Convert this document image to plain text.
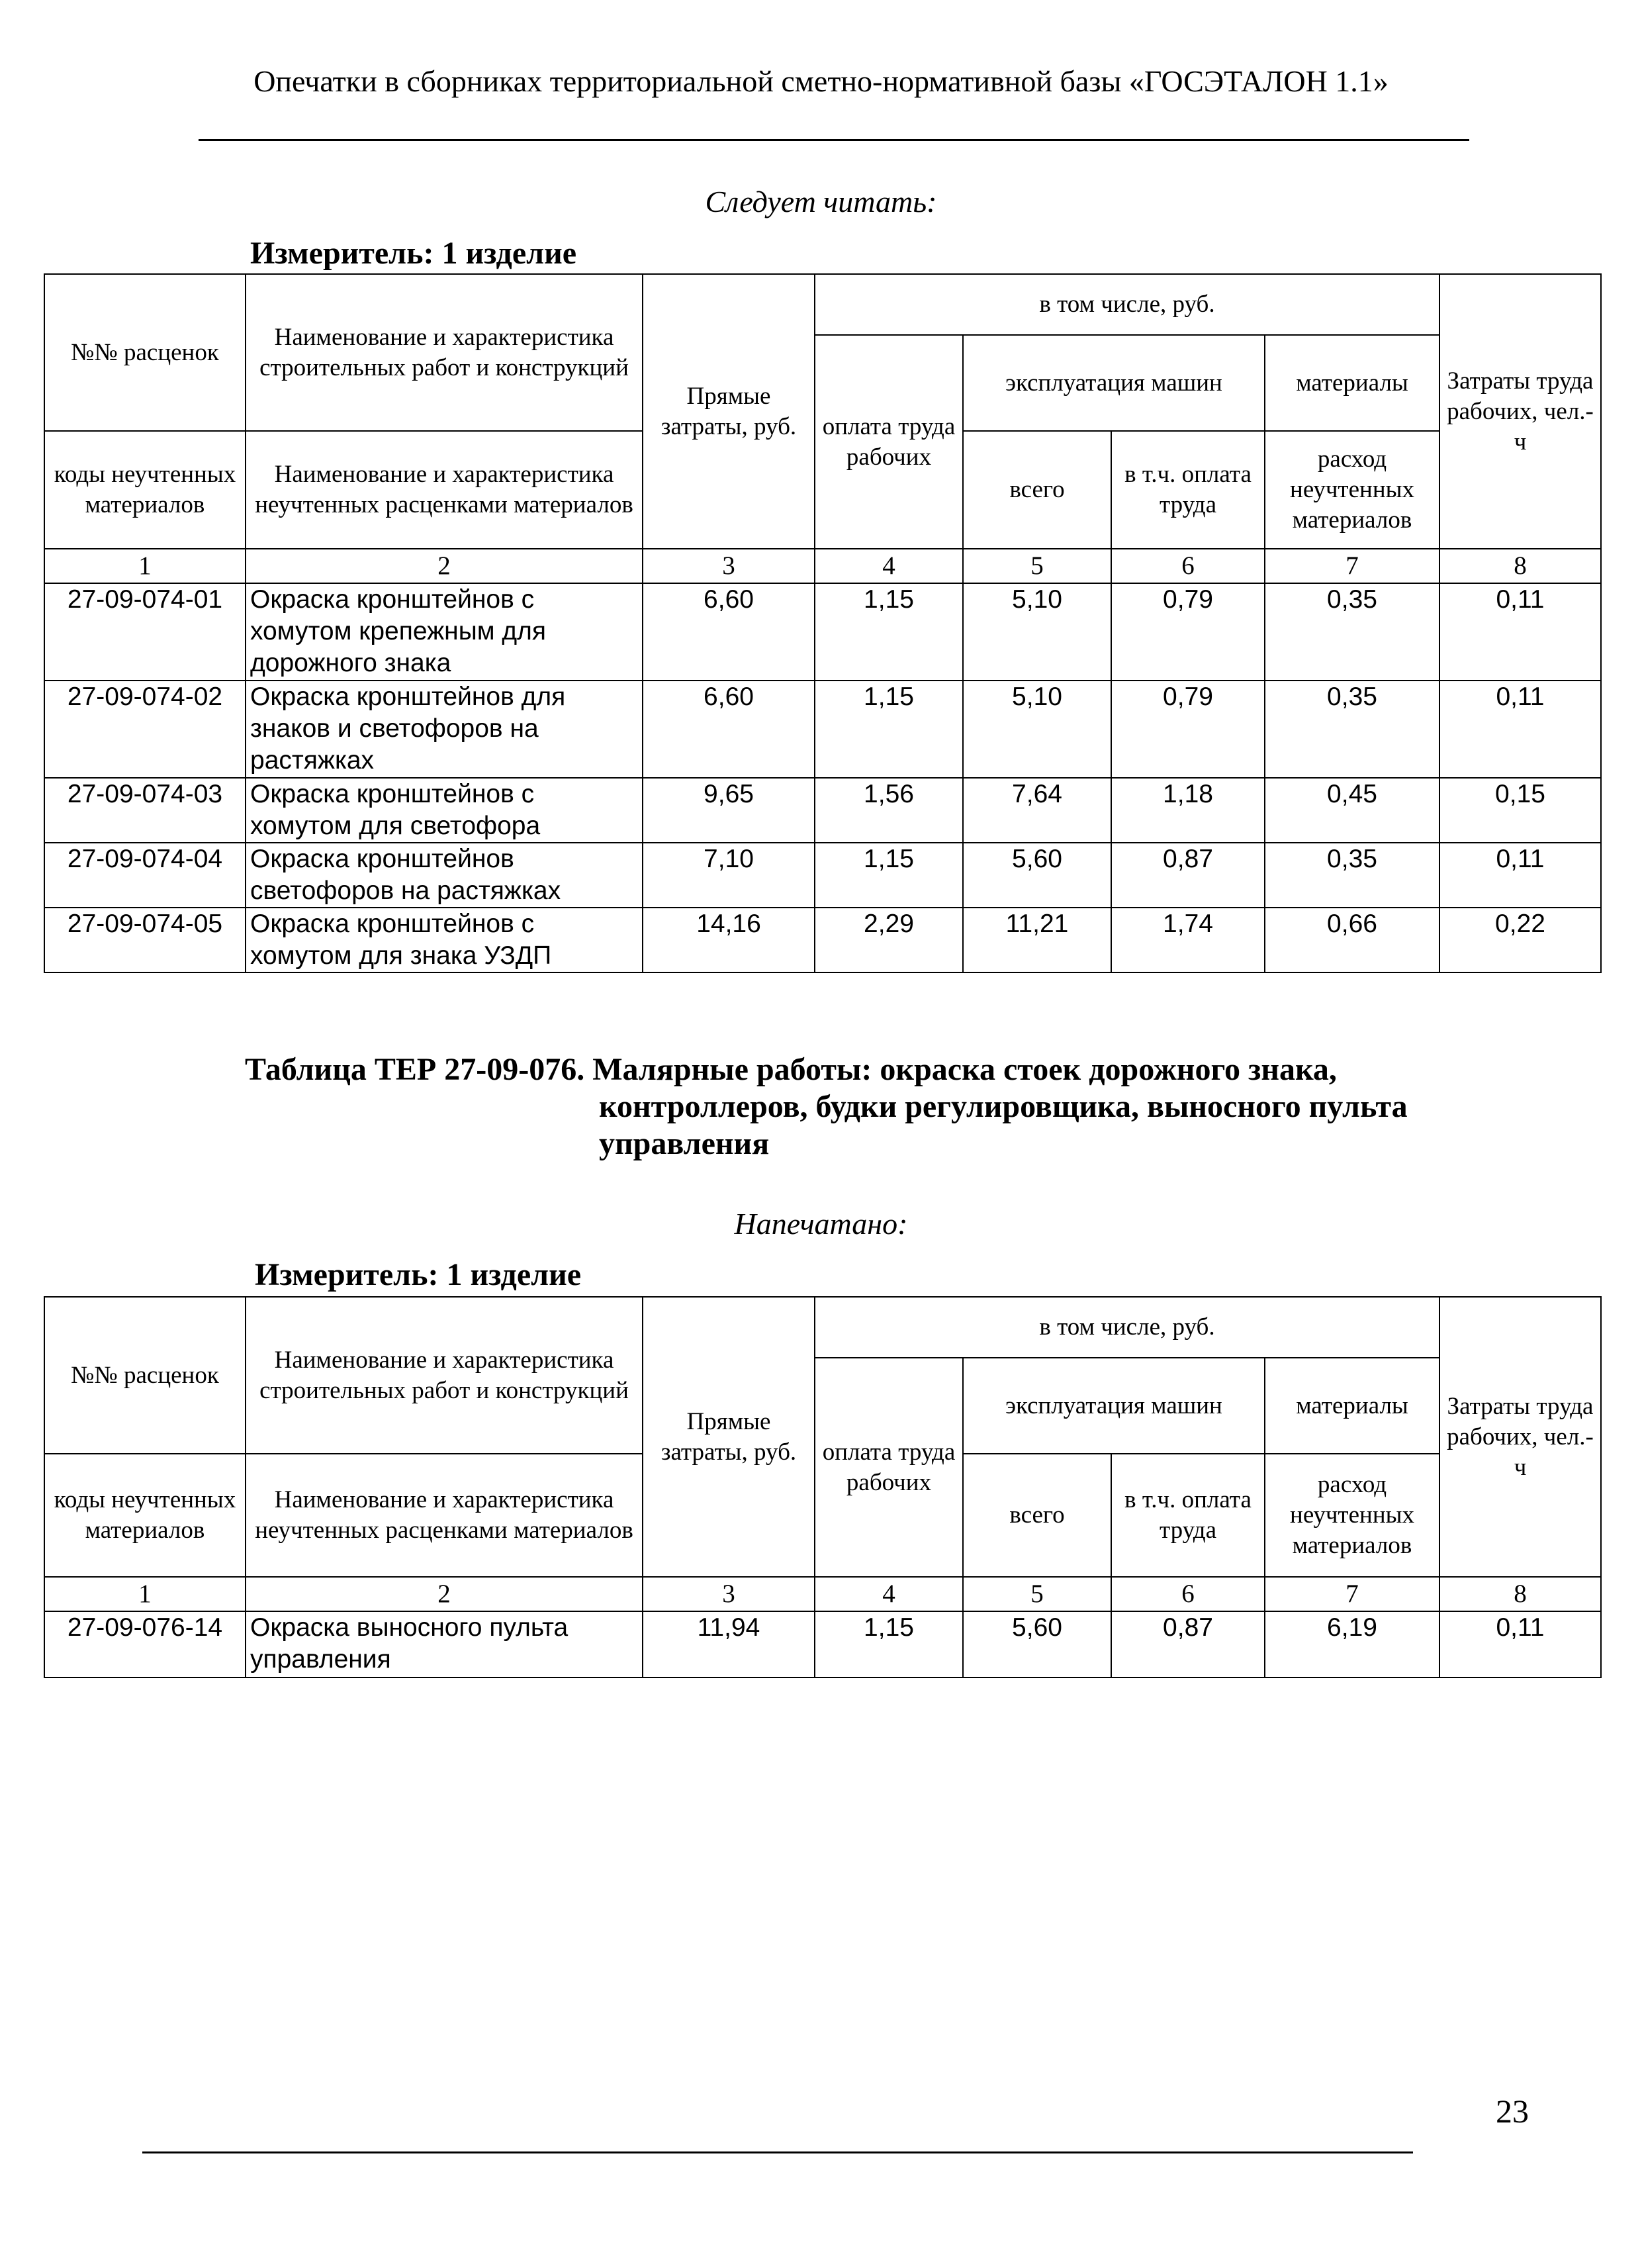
Опечатки в сборниках территориальной сметно-нормативной базы «ГОСЭТАЛОН 1.1»
Следует читать:
Измеритель: 1 изделие
№№ расценок	Наименование и характеристика строительных работ и конструкций	Прямые затраты, руб.	в том числе, руб.				Затраты труда рабочих, чел.-ч
			оплата труда рабочих	эксплуатация машин		материалы	
коды неучтенных материалов	Наименование и характеристика неучтенных расценками материалов			всего	в т.ч. оплата труда	расход неучтенных материалов	
1	2	3	4	5	6	7	8
27-09-074-01	Окраска кронштейнов с хомутом крепежным для дорожного знака	6,60	1,15	5,10	0,79	0,35	0,11
27-09-074-02	Окраска кронштейнов для знаков и светофоров на растяжках	6,60	1,15	5,10	0,79	0,35	0,11
27-09-074-03	Окраска кронштейнов с хомутом для светофора	9,65	1,56	7,64	1,18	0,45	0,15
27-09-074-04	Окраска кронштейнов светофоров на растяжках	7,10	1,15	5,60	0,87	0,35	0,11
27-09-074-05	Окраска кронштейнов с хомутом для знака УЗДП	14,16	2,29	11,21	1,74	0,66	0,22
Таблица ТЕР 27-09-076. Малярные работы: окраска стоек дорожного знака,
контроллеров, будки регулировщика, выносного пульта
управления
Напечатано:
Измеритель: 1 изделие
№№ расценок	Наименование и характеристика строительных работ и конструкций	Прямые затраты, руб.	в том числе, руб.				Затраты труда рабочих, чел.-ч
			оплата труда рабочих	эксплуатация машин		материалы	
коды неучтенных материалов	Наименование и характеристика неучтенных расценками материалов			всего	в т.ч. оплата труда	расход неучтенных материалов	
1	2	3	4	5	6	7	8
27-09-076-14	Окраска выносного пульта управления	11,94	1,15	5,60	0,87	6,19	0,11
23
